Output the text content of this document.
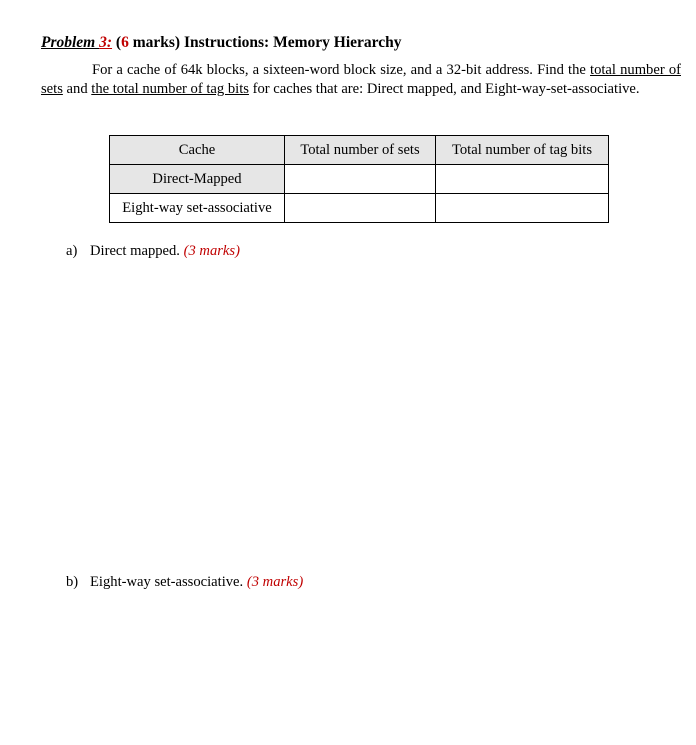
Problem 3: (6 marks) Instructions: Memory Hierarchy
For a cache of 64k blocks, a sixteen-word block size, and a 32-bit address. Find the total number of sets and the total number of tag bits for caches that are: Direct mapped, and Eight-way-set-associative.
Cache	Total number of sets	Total number of tag bits
Direct-Mapped		
Eight-way set-associative		
a) Direct mapped. (3 marks)
b) Eight-way set-associative. (3 marks)
